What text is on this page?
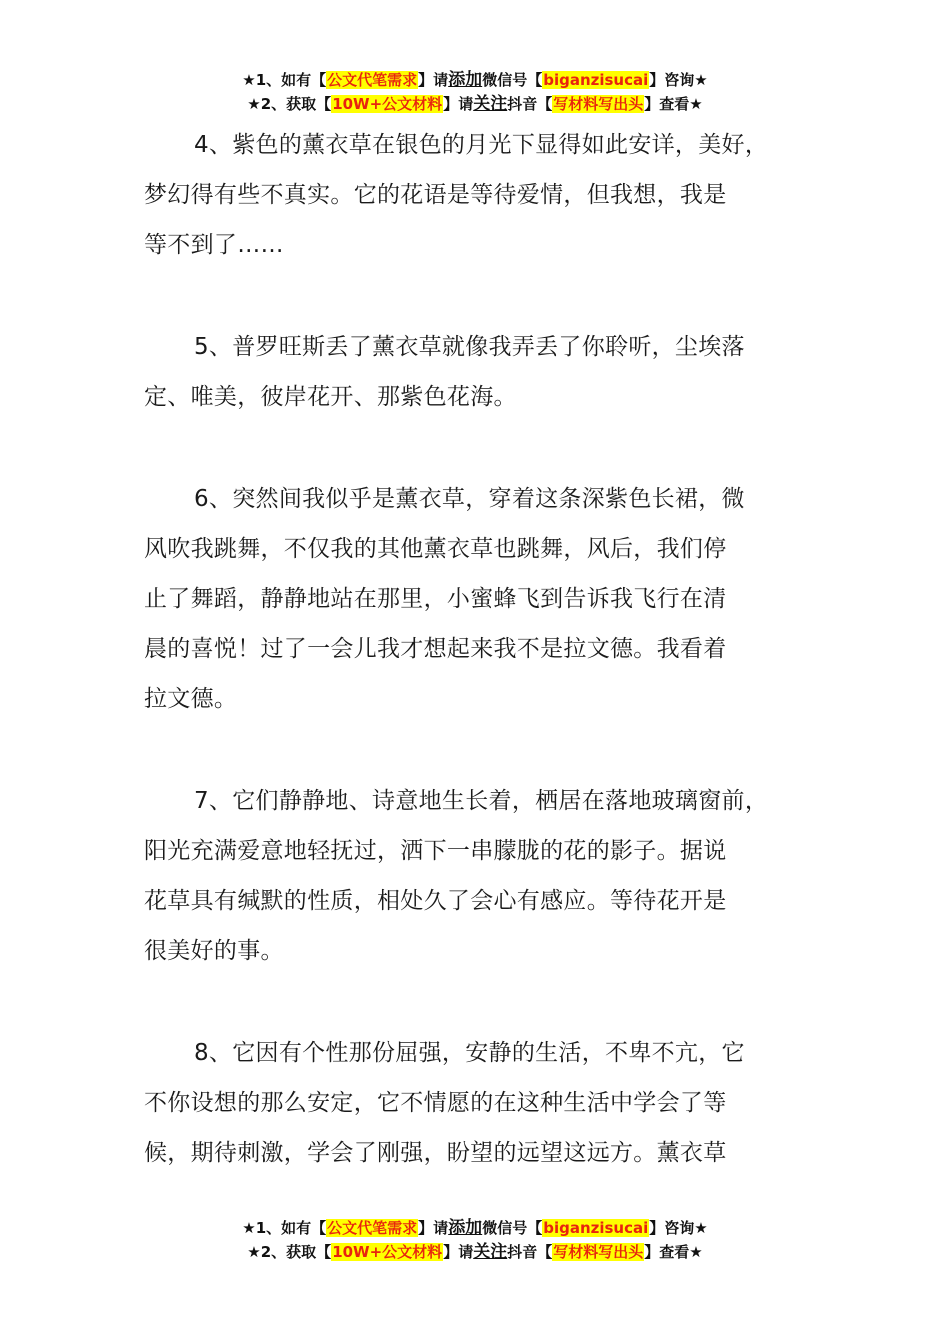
★1、如有【公文代笔需求】请添加微信号【biganzisucai】咨询★
★2、获取【10W+公文材料】请关注抖音【写材料写出头】查看★

4、紫色的薰衣草在银色的月光下显得如此安详，美好，
梦幻得有些不真实。它的花语是等待爱情，但我想，我是
等不到了……

5、普罗旺斯丢了薰衣草就像我弄丢了你聆听，尘埃落
定、唯美，彼岸花开、那紫色花海。

6、突然间我似乎是薰衣草，穿着这条深紫色长裙，微
风吹我跳舞，不仅我的其他薰衣草也跳舞，风后，我们停
止了舞蹈，静静地站在那里，小蜜蜂飞到告诉我飞行在清
晨的喜悦！过了一会儿我才想起来我不是拉文德。我看着
拉文德。

7、它们静静地、诗意地生长着，栖居在落地玻璃窗前，
阳光充满爱意地轻抚过，洒下一串朦胧的花的影子。据说
花草具有缄默的性质，相处久了会心有感应。等待花开是
很美好的事。

8、它因有个性那份屈强，安静的生活，不卑不亢，它
不你设想的那么安定，它不情愿的在这种生活中学会了等
候，期待刺激，学会了刚强，盼望的远望这远方。薰衣草

★1、如有【公文代笔需求】请添加微信号【biganzisucai】咨询★
★2、获取【10W+公文材料】请关注抖音【写材料写出头】查看★
